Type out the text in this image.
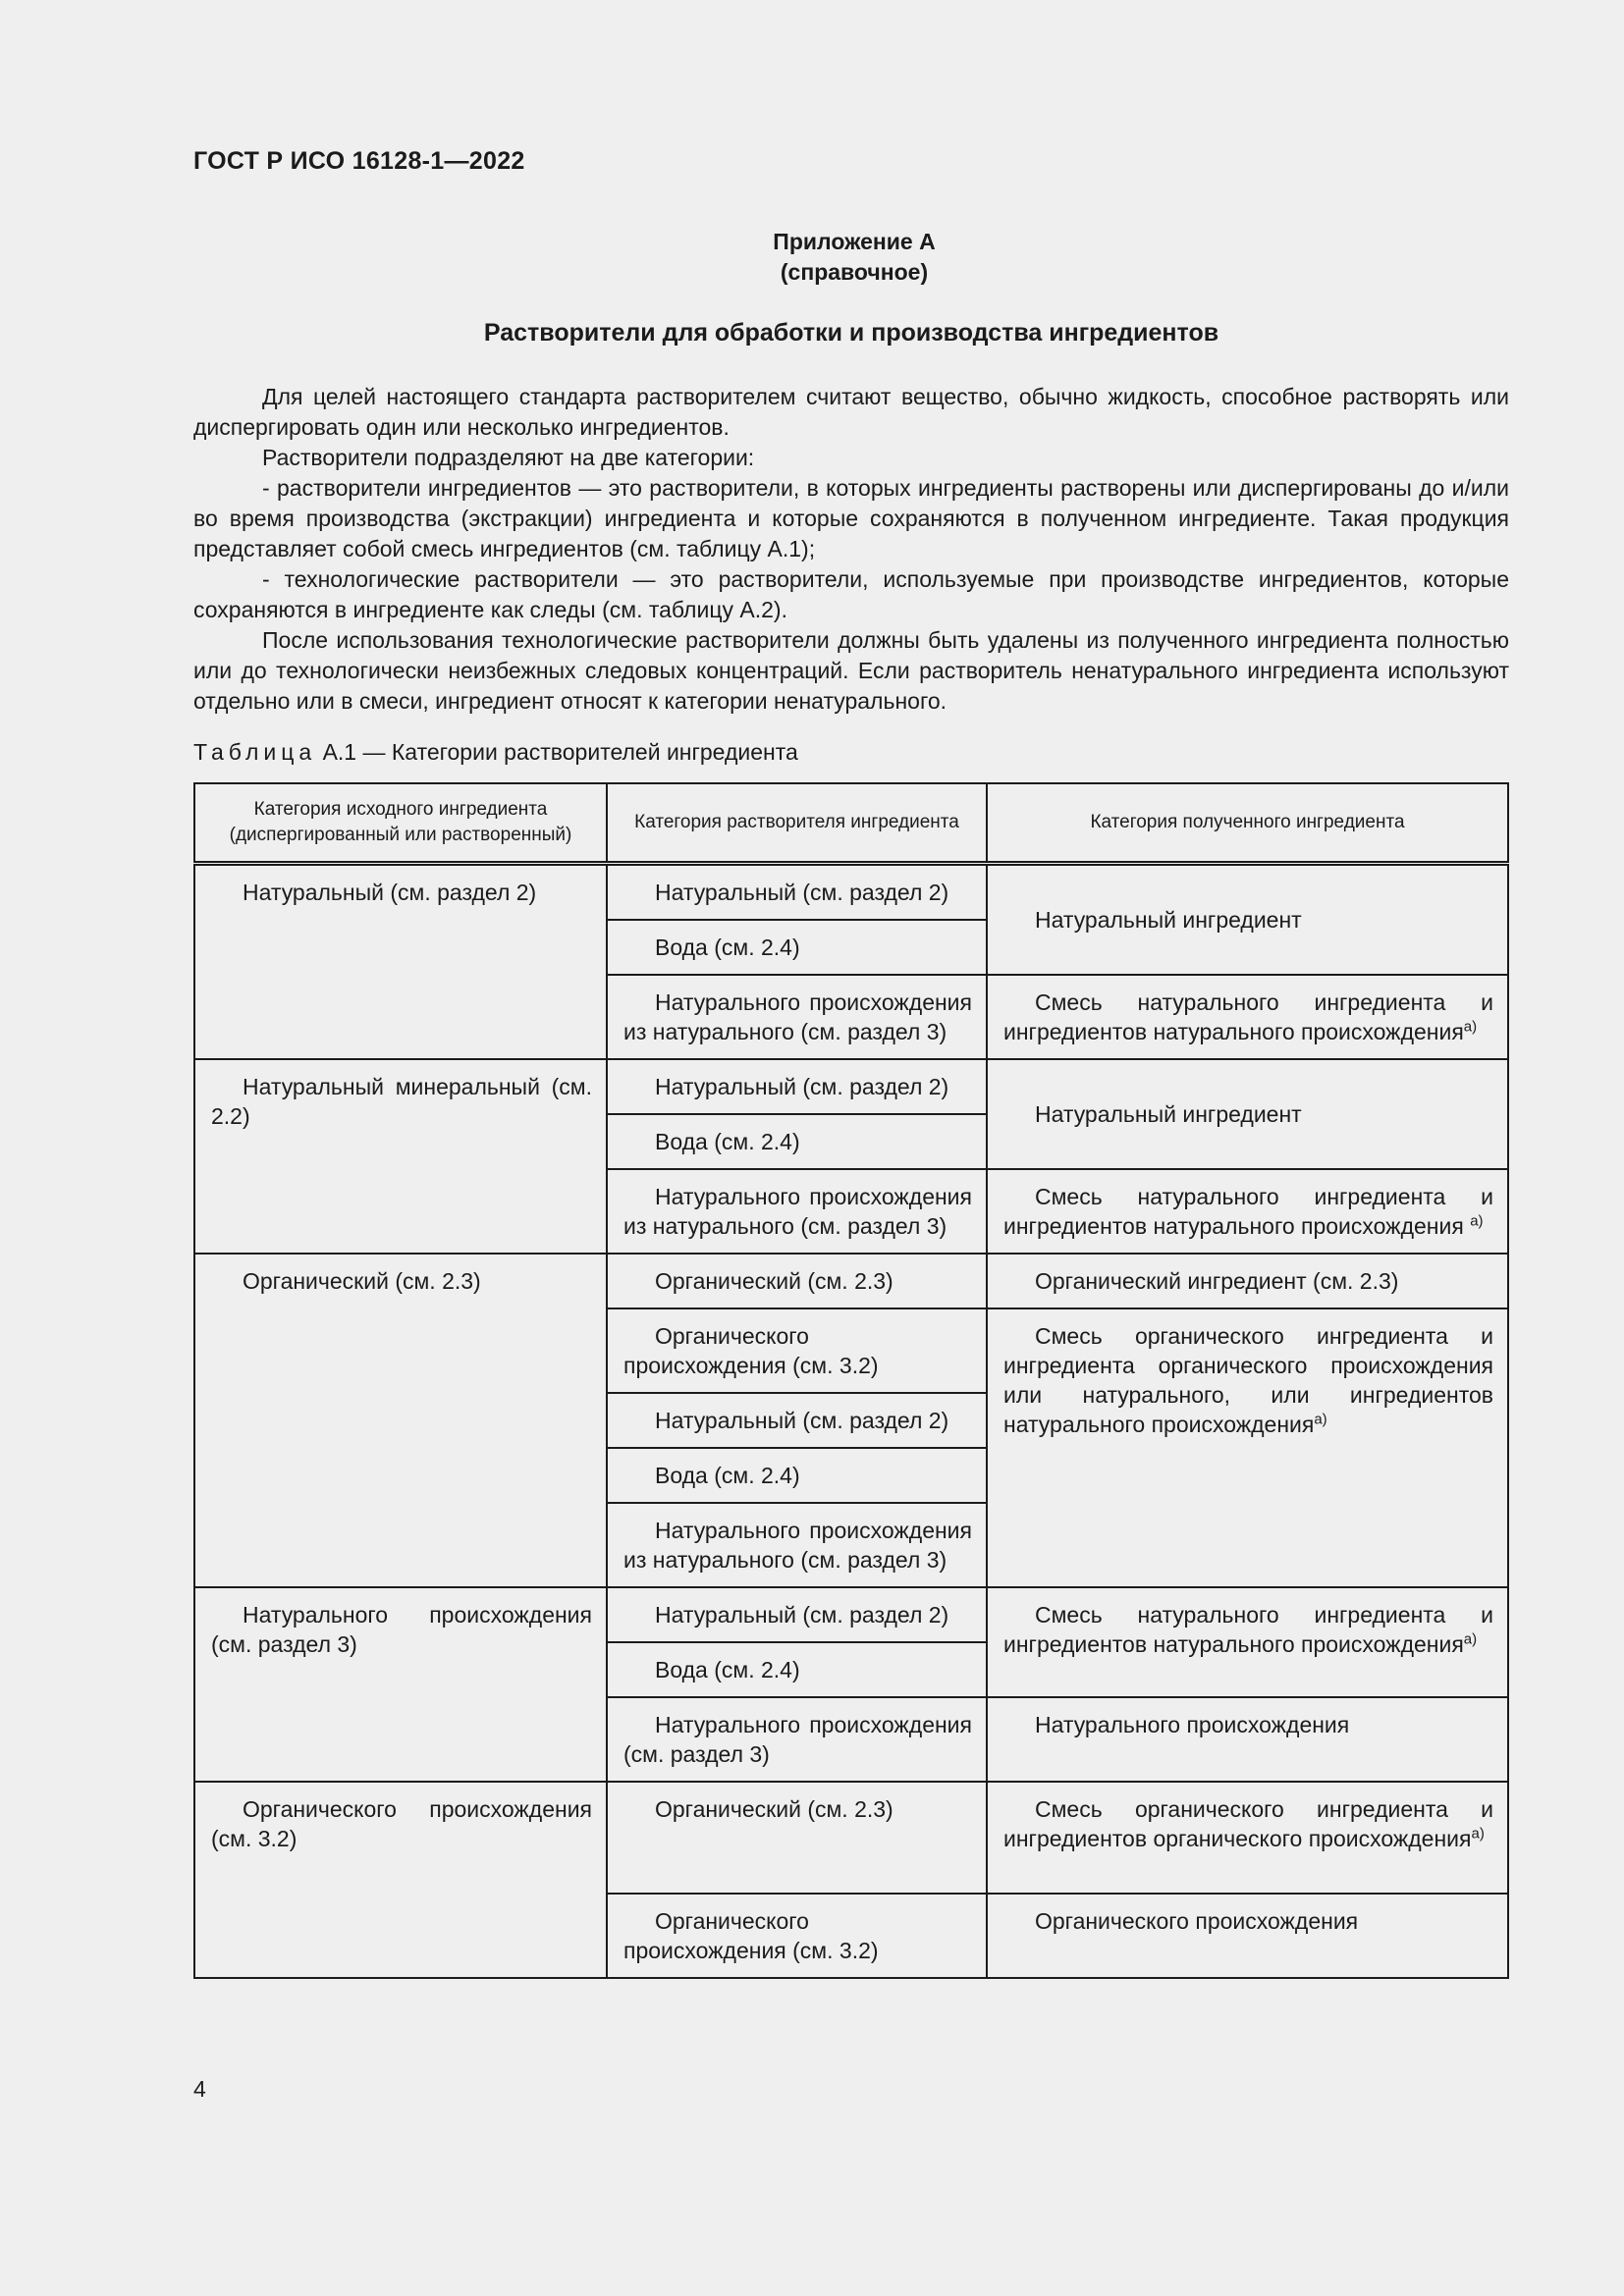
ГОСТ Р ИСО 16128-1—2022
Приложение А
(справочное)
Растворители для обработки и производства ингредиентов

Для целей настоящего стандарта растворителем считают вещество, обычно жидкость, способное растворять или диспергировать один или несколько ингредиентов.

Растворители подразделяют на две категории:

- растворители ингредиентов — это растворители, в которых ингредиенты растворены или диспергированы до и/или во время производства (экстракции) ингредиента и которые сохраняются в полученном ингредиенте. Такая продукция представляет собой смесь ингредиентов (см. таблицу А.1);

- технологические растворители — это растворители, используемые при производстве ингредиентов, которые сохраняются в ингредиенте как следы (см. таблицу А.2).

После использования технологические растворители должны быть удалены из полученного ингредиента полностью или до технологически неизбежных следовых концентраций. Если растворитель ненатурального ингредиента используют отдельно или в смеси, ингредиент относят к категории ненатурального.

Таблица А.1 — Категории растворителей ингредиента
Категория исходного ингредиента (диспергированный или растворенный)	Категория растворителя ингредиента	Категория полученного ингредиента

Натуральный (см. раздел 2)	Натуральный (см. раздел 2)	Натуральный ингредиент

	Вода (см. 2.4)	

	Натурального происхождения из натурального (см. раздел 3)	Смесь натурального ингредиента и ингредиентов натурального происхождения$^{а)}$

Натуральный минеральный (см. 2.2)	Натуральный (см. раздел 2)	Натуральный ингредиент

	Вода (см. 2.4)	

	Натурального происхождения из натурального (см. раздел 3)	Смесь натурального ингредиента и ингредиентов натурального происхождения $^{а)}$

Органический (см. 2.3)	Органический (см. 2.3)	Органический ингредиент (см. 2.3)

	Органического происхождения (см. 3.2)	Смесь органического ингредиента и ингредиента органического происхождения или натурального, или ингредиентов натурального происхождения$^{а)}$

	Натуральный (см. раздел 2)	

	Вода (см. 2.4)	

	Натурального происхождения из натурального (см. раздел 3)	

Натурального происхождения (см. раздел 3)	Натуральный (см. раздел 2)	Смесь натурального ингредиента и ингредиентов натурального происхождения$^{а)}$

	Вода (см. 2.4)	

	Натурального происхождения (см. раздел 3)	Натурального происхождения

Органического происхождения (см. 3.2)	Органический (см. 2.3)	Смесь органического ингредиента и ингредиентов органического происхождения$^{а)}$

	Органического происхождения (см. 3.2)	Органического происхождения
4
